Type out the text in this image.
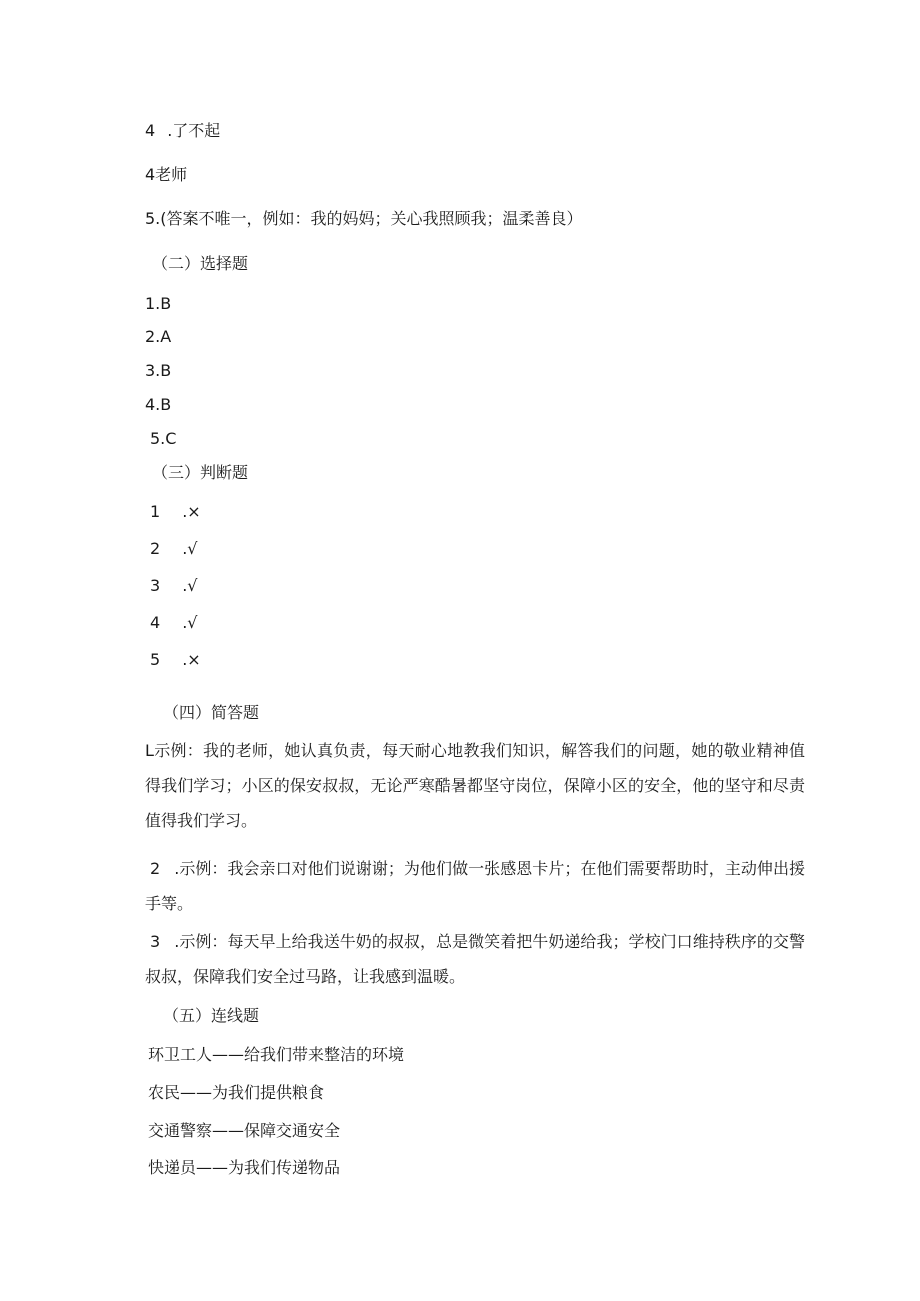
4 .了不起
4老师
5.(答案不唯一，例如：我的妈妈；关心我照顾我；温柔善良）
（二）选择题
1.B
2.A
3.B
4.B
5.C
（三）判断题
1 .×
2 .√
3 .√
4 .√
5 .×
（四）简答题
L示例：我的老师，她认真负责，每天耐心地教我们知识，解答我们的问题，她的敬业精神值得我们学习；小区的保安叔叔，无论严寒酷暑都坚守岗位，保障小区的安全，他的坚守和尽责值得我们学习。
2 .示例：我会亲口对他们说谢谢；为他们做一张感恩卡片；在他们需要帮助时，主动伸出援手等。
3 .示例：每天早上给我送牛奶的叔叔，总是微笑着把牛奶递给我；学校门口维持秩序的交警叔叔，保障我们安全过马路，让我感到温暖。
（五）连线题
环卫工人——给我们带来整洁的环境
农民——为我们提供粮食
交通警察——保障交通安全
快递员——为我们传递物品
